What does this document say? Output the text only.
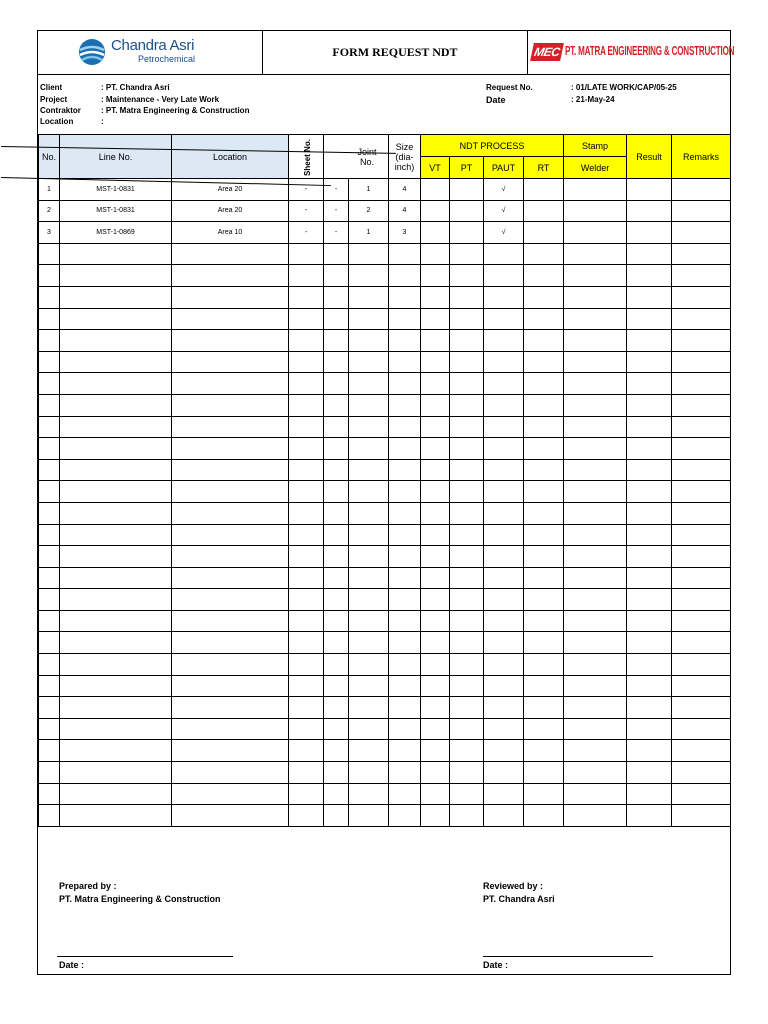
Chandra Asri
Petrochemical	FORM REQUEST NDT	MEC PT. MATRA ENGINEERING & CONSTRUCTION
Client	: PT. Chandra Asri
Project	: Maintenance - Very Late Work
Contraktor	: PT. Matra Engineering & Construction
Location	:
Request No.	: 01/LATE WORK/CAP/05-25
Date	: 21-May-24
No.	Line No.	Location	Sheet No.	Joint No.		Size (dia-inch)	NDT PROCESS				Stamp	Result	Remarks
							VT	PT	PAUT	RT	Welder		
1	MST-1-0831	Area 20	-	-	1	4			√				
2	MST-1-0831	Area 20	-	-	2	4			√				
3	MST-1-0869	Area 10	-	-	1	3			√				

Prepared by :
PT. Matra Engineering & Construction
Reviewed by :
PT. Chandra Asri
Date :	Date :
